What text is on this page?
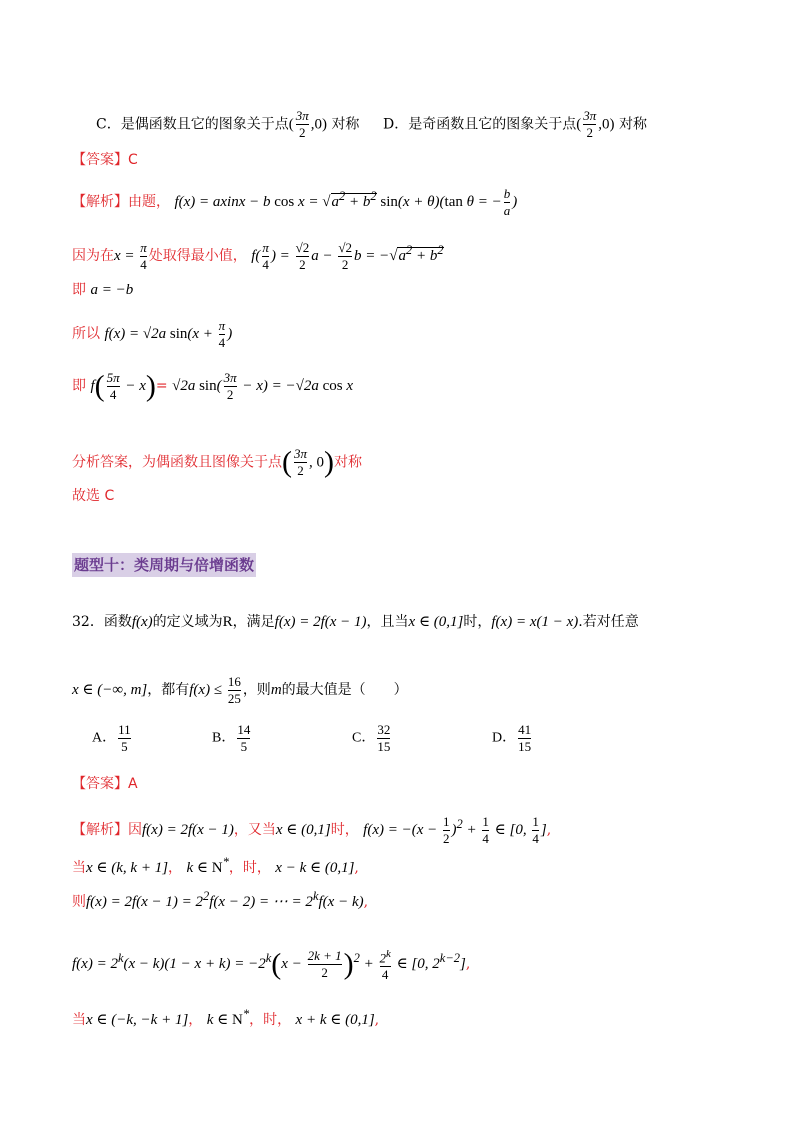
C．是偶函数且它的图象关于点( $\frac{3\pi}{2} ,0$) 对称 D．是奇函数且它的图象关于点( $\frac{3\pi}{2} ,0$) 对称
【答案】C
【解析】由题， f(x) = axinx − b $\cos x = √a^2 + b^2$ sin(x + θ)(tan θ = − $\frac{b}{a}$ )
因为在$x = \frac{\pi}{4}$ 处取得最小值， $f( \frac{\pi}{4}$ ) = $\frac{√2}{2}$ $a - \frac{√2}{2}$ $b = -√a^2 + b^2$
即 a = −b
所以 f(x) = √2a $\sin(x + \frac{\pi}{4}$ )
即 $f( \frac{5\pi}{4} - x)= √2a$ $\sin( \frac{3\pi}{2} - x) = -√2a$ cos x
分析答案，为偶函数且图像关于点( $\frac{3\pi}{2}$ , 0)对称
故选 C
题型十：类周期与倍增函数
32．函数f(x)的定义域为R，满足f(x) = 2f(x − 1)，且当x ∈ (0,1]时，f(x) = x(1 − x).若对任意
x ∈ (−∞, m]，都有$f(x) \le \frac{16}{25}$ ，则m的最大值是（　　）
A． $\frac{11}{5}$	B． $\frac{14}{5}$	C． $\frac{32}{15}$	D． $\frac{41}{15}$
【答案】A
【解析】因f(x) = 2f(x − 1)，又当x ∈ (0,1]时， $f(x) = -(x - \frac{1}{2} )^2 + \frac{1}{4}$ ∈ [0, $\frac{1}{4}$ ],
当x ∈ (k, k + 1]， k ∈ N*，时， x − k ∈ (0,1],
则$f(x) = 2f(x - 1) = 2^2f(x - 2)$ = ⋯ = $2^kf(x - k)$,
$f(x) = 2^k(x - k)(1 - x + k) = -2^k(x - \frac{2k + 1}{2} )^2 + \frac{2^k}{4}$ ∈ [0, $2^{k-2}$],
当x ∈ (−k, −k + 1]， k ∈ N*，时， x + k ∈ (0,1],
